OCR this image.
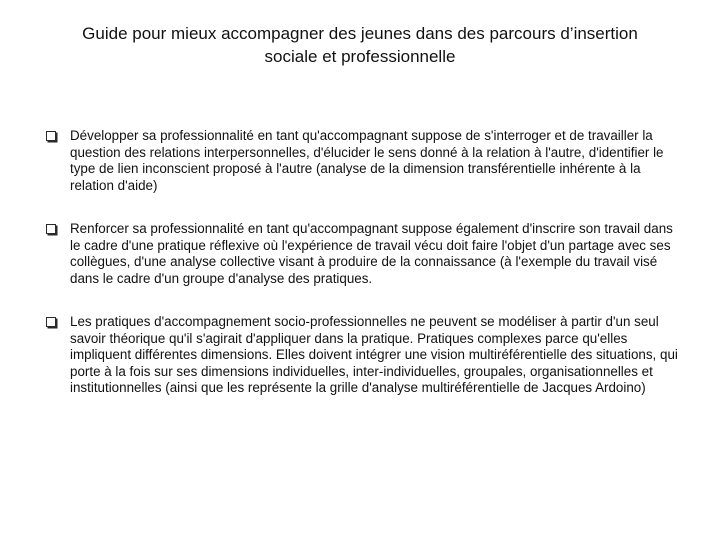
Guide pour mieux accompagner des jeunes dans des parcours d’insertion
sociale et professionnelle
Développer sa professionnalité en tant qu'accompagnant suppose de s'interroger et de travailler la question des relations interpersonnelles, d'élucider le sens donné à la relation à l'autre, d'identifier le type de lien inconscient proposé à l'autre (analyse de la dimension transférentielle inhérente à la relation d'aide)
Renforcer sa professionnalité en tant qu'accompagnant suppose également d'inscrire son travail dans le cadre d'une pratique réflexive où l'expérience de travail vécu doit faire l'objet d'un partage avec ses collègues, d'une analyse collective visant à produire de la connaissance (à l'exemple du travail visé dans le cadre d'un groupe d'analyse des pratiques.
Les pratiques d'accompagnement socio-professionnelles ne peuvent se modéliser à partir d'un seul savoir théorique qu'il s'agirait d'appliquer dans la pratique. Pratiques complexes parce qu'elles impliquent différentes dimensions. Elles doivent intégrer une vision multiréférentielle des situations, qui porte à la fois sur ses dimensions individuelles, inter-individuelles, groupales, organisationnelles et institutionnelles (ainsi que les représente la grille d'analyse multiréférentielle de Jacques Ardoino)
